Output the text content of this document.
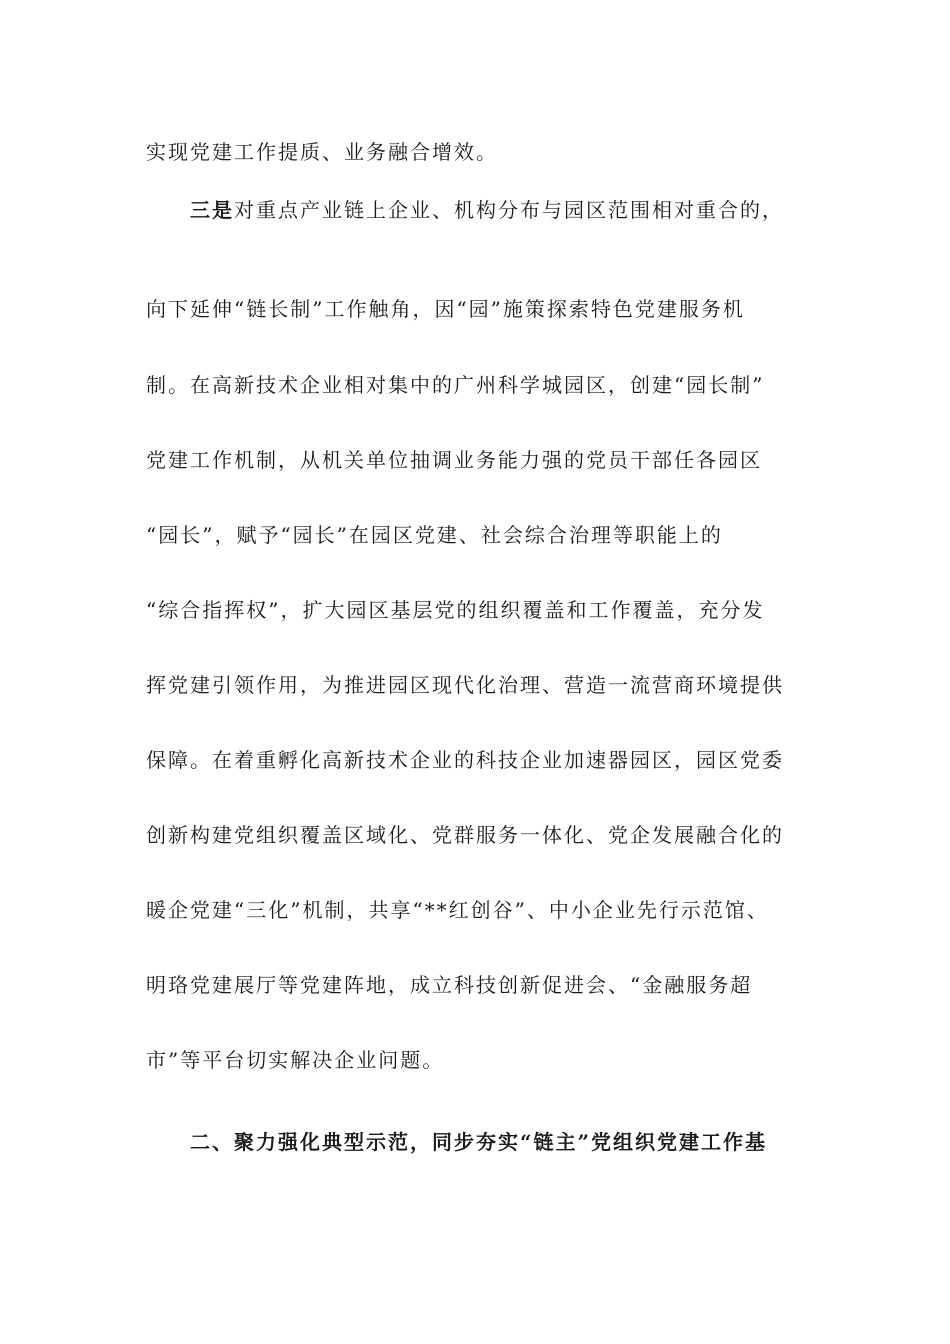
实现党建工作提质、业务融合增效。
三是对重点产业链上企业、机构分布与园区范围相对重合的，
向下延伸“链长制”工作触角，因“园”施策探索特色党建服务机
制。在高新技术企业相对集中的广州科学城园区，创建“园长制”
党建工作机制，从机关单位抽调业务能力强的党员干部任各园区
“园长”，赋予“园长”在园区党建、社会综合治理等职能上的
“综合指挥权”，扩大园区基层党的组织覆盖和工作覆盖，充分发
挥党建引领作用，为推进园区现代化治理、营造一流营商环境提供
保障。在着重孵化高新技术企业的科技企业加速器园区，园区党委
创新构建党组织覆盖区域化、党群服务一体化、党企发展融合化的
暖企党建“三化”机制，共享“**红创谷”、中小企业先行示范馆、
明珞党建展厅等党建阵地，成立科技创新促进会、“金融服务超
市”等平台切实解决企业问题。
二、聚力强化典型示范，同步夯实“链主”党组织党建工作基
